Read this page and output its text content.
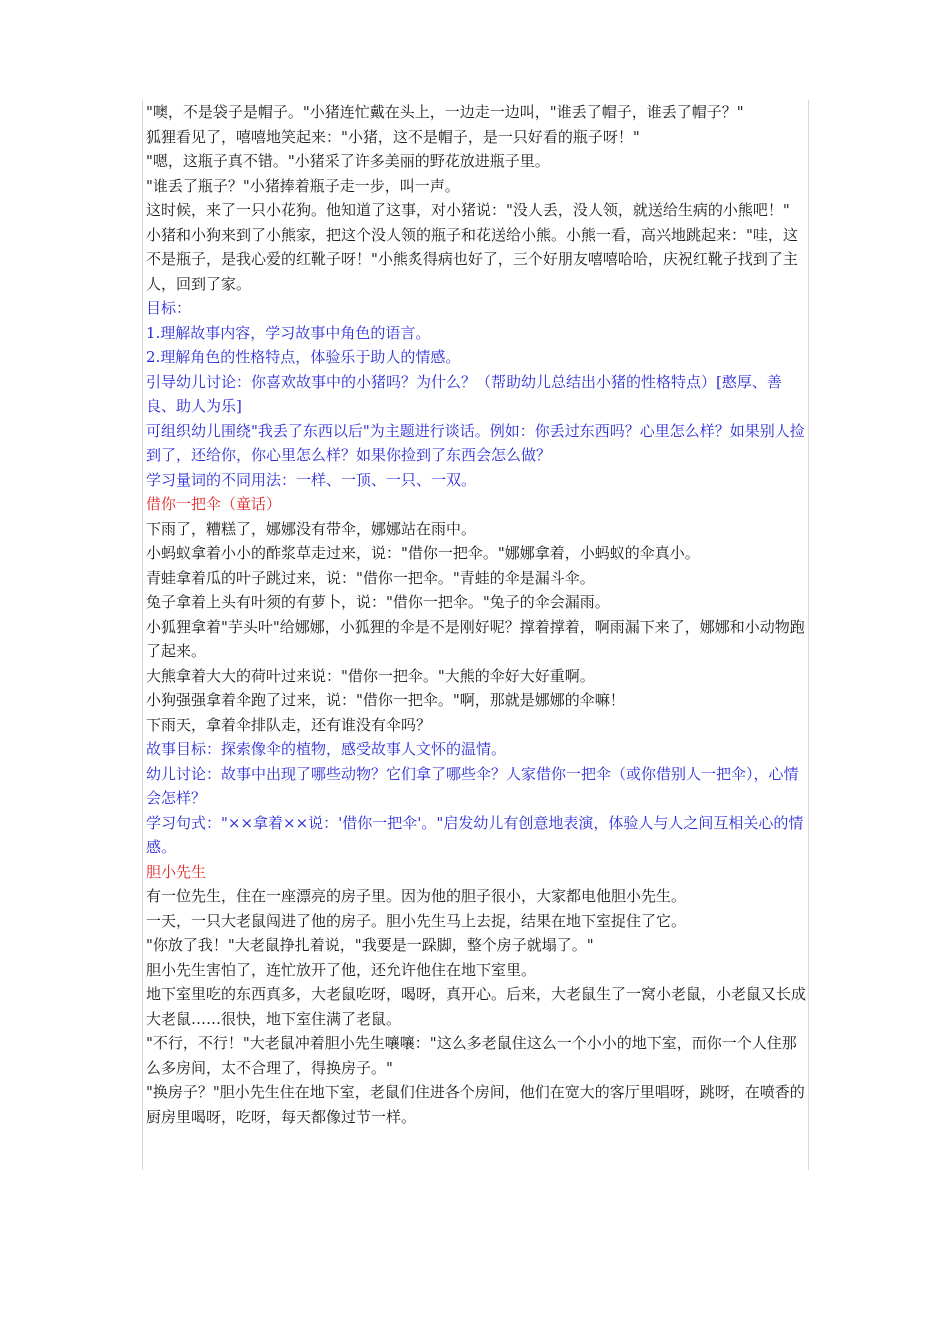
"噢，不是袋子是帽子。"小猪连忙戴在头上，一边走一边叫，"谁丢了帽子，谁丢了帽子？"

狐狸看见了，嘻嘻地笑起来："小猪，这不是帽子，是一只好看的瓶子呀！"

"嗯，这瓶子真不错。"小猪采了许多美丽的野花放进瓶子里。

"谁丢了瓶子？"小猪捧着瓶子走一步，叫一声。

这时候，来了一只小花狗。他知道了这事，对小猪说："没人丢，没人领，就送给生病的小熊吧！"

小猪和小狗来到了小熊家，把这个没人领的瓶子和花送给小熊。小熊一看，高兴地跳起来："哇，这不是瓶子，是我心爱的红靴子呀！"小熊炙得病也好了，三个好朋友嘻嘻哈哈，庆祝红靴子找到了主人，回到了家。

目标：

1.理解故事内容，学习故事中角色的语言。

2.理解角色的性格特点，体验乐于助人的情感。

引导幼儿讨论：你喜欢故事中的小猪吗？为什么？（帮助幼儿总结出小猪的性格特点）[憨厚、善良、助人为乐]

可组织幼儿围绕"我丢了东西以后"为主题进行谈话。例如：你丢过东西吗？心里怎么样？如果别人捡到了，还给你，你心里怎么样？如果你捡到了东西会怎么做？

学习量词的不同用法：一样、一顶、一只、一双。

借你一把伞（童话）

下雨了，糟糕了，娜娜没有带伞，娜娜站在雨中。

小蚂蚁拿着小小的酢浆草走过来，说："借你一把伞。"娜娜拿着，小蚂蚁的伞真小。

青蛙拿着瓜的叶子跳过来，说："借你一把伞。"青蛙的伞是漏斗伞。

兔子拿着上头有叶须的有萝卜，说："借你一把伞。"兔子的伞会漏雨。

小狐狸拿着"芋头叶"给娜娜，小狐狸的伞是不是刚好呢？撑着撑着，啊雨漏下来了，娜娜和小动物跑了起来。

大熊拿着大大的荷叶过来说："借你一把伞。"大熊的伞好大好重啊。

小狗强强拿着伞跑了过来，说："借你一把伞。"啊，那就是娜娜的伞嘛！

下雨天，拿着伞排队走，还有谁没有伞吗？

故事目标：探索像伞的植物，感受故事人文怀的温情。

幼儿讨论：故事中出现了哪些动物？它们拿了哪些伞？人家借你一把伞（或你借别人一把伞），心情会怎样？

学习句式："××拿着××说：'借你一把伞'。"启发幼儿有创意地表演，体验人与人之间互相关心的情感。

胆小先生

有一位先生，住在一座漂亮的房子里。因为他的胆子很小，大家都电他胆小先生。

一天，一只大老鼠闯进了他的房子。胆小先生马上去捉，结果在地下室捉住了它。

"你放了我！"大老鼠挣扎着说，"我要是一跺脚，整个房子就塌了。"

胆小先生害怕了，连忙放开了他，还允许他住在地下室里。

地下室里吃的东西真多，大老鼠吃呀，喝呀，真开心。后来，大老鼠生了一窝小老鼠，小老鼠又长成大老鼠……很快，地下室住满了老鼠。

"不行，不行！"大老鼠冲着胆小先生嚷嚷："这么多老鼠住这么一个小小的地下室，而你一个人住那么多房间，太不合理了，得换房子。"

"换房子？"胆小先生住在地下室，老鼠们住进各个房间，他们在宽大的客厅里唱呀，跳呀，在喷香的厨房里喝呀，吃呀，每天都像过节一样。
